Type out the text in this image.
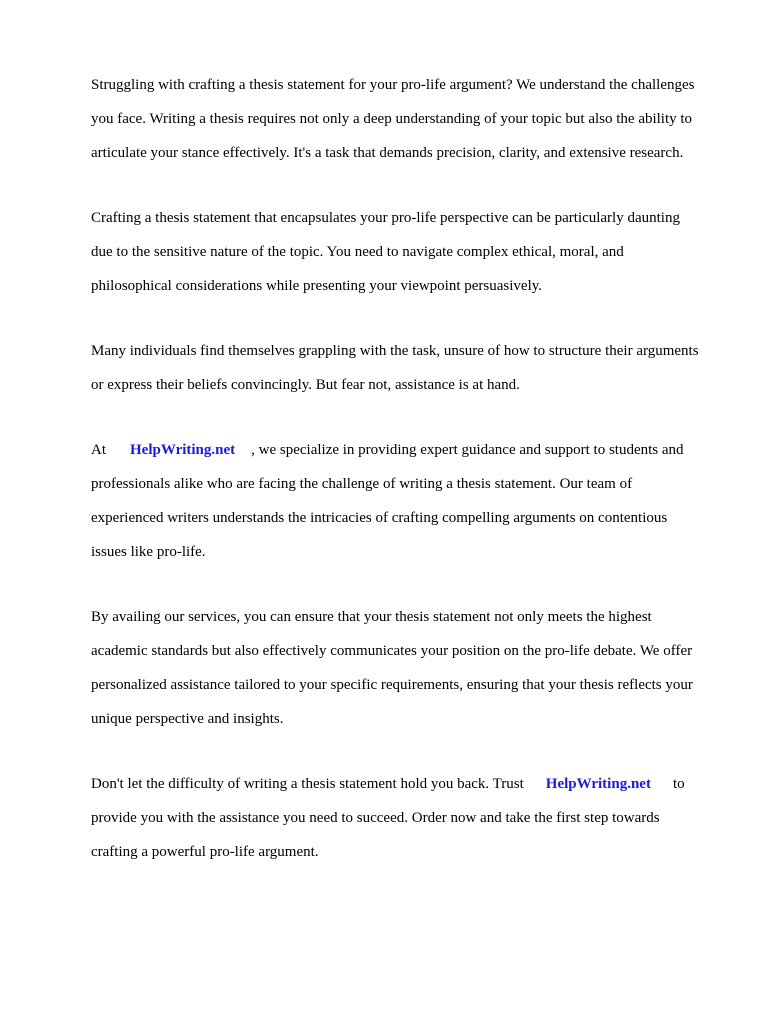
Struggling with crafting a thesis statement for your pro-life argument? We understand the challenges

you face. Writing a thesis requires not only a deep understanding of your topic but also the ability to

articulate your stance effectively. It's a task that demands precision, clarity, and extensive research.

Crafting a thesis statement that encapsulates your pro-life perspective can be particularly daunting

due to the sensitive nature of the topic. You need to navigate complex ethical, moral, and

philosophical considerations while presenting your viewpoint persuasively.

Many individuals find themselves grappling with the task, unsure of how to structure their arguments

or express their beliefs convincingly. But fear not, assistance is at hand.

At HelpWriting.net , we specialize in providing expert guidance and support to students and

professionals alike who are facing the challenge of writing a thesis statement. Our team of

experienced writers understands the intricacies of crafting compelling arguments on contentious

issues like pro-life.

By availing our services, you can ensure that your thesis statement not only meets the highest

academic standards but also effectively communicates your position on the pro-life debate. We offer

personalized assistance tailored to your specific requirements, ensuring that your thesis reflects your

unique perspective and insights.

Don't let the difficulty of writing a thesis statement hold you back. Trust HelpWriting.net to

provide you with the assistance you need to succeed. Order now and take the first step towards

crafting a powerful pro-life argument.
